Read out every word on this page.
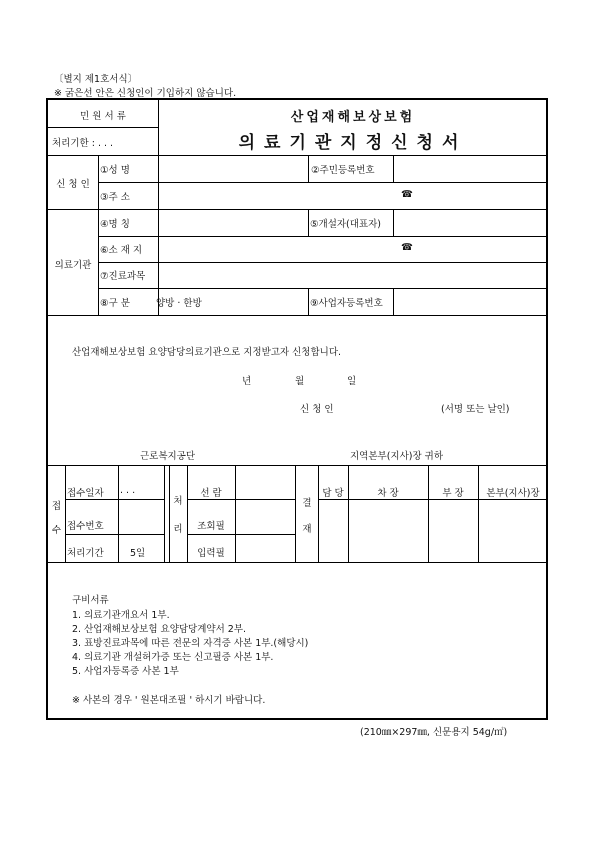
〔별지 제1호서식〕
※ 굵은선 안은 신청인이 기입하지 않습니다.
민 원 서 류
처리기한 : . . .
산업재해보상보험
의료기관지정신청서
신 청 인
①성 명	②주민등록번호
③주 소	☎
의료기관
④명 칭	⑤개설자(대표자)
⑥소 재 지	☎
⑦진료과목
⑧구 분	양방 · 한방	⑨사업자등록번호
산업재해보상보험 요양담당의료기관으로 지정받고자 신청합니다.
년	월	일
신 청 인	(서명 또는 날인)
근로복지공단	지역본부(지사)장 귀하
접 수
접수일자 . . .
접수번호
처리기간	5일
처 리
선 람
조회필
입력필
결 재
담 당	차 장	부 장	본부(지사)장
구비서류
1. 의료기관개요서 1부.
2. 산업재해보상보험 요양담당계약서 2부.
3. 표방진료과목에 따른 전문의 자격증 사본 1부.(해당시)
4. 의료기관 개설허가증 또는 신고필증 사본 1부.
5. 사업자등록증 사본 1부
※ 사본의 경우 ' 원본대조필 ' 하시기 바랍니다.
(210㎜×297㎜, 신문용지 54g/㎡)
